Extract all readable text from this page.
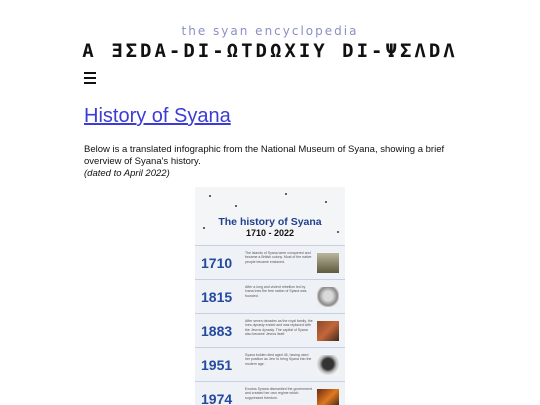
the syan encyclopedia
A ƎΣDA-DI-ΩΤDΩΧΙΥ DI-ΨΣΛDΛ
History of Syana
Below is a translated infographic from the National Museum of Syana, showing a brief overview of Syana's history.
(dated to April 2022)
The history of Syana
1710 - 2022
1710
The islands of Syana were conquered and became a British colony. Most of the native people became enslaved.
1815
After a long and violent rebellion led by Ivana Ines the free nation of Syana was founded.
1883
After seven decades as the royal family, the Ines dynasty ended and was replaced with the Jevros dynasty. The capital of Syana also became Jevros itself.
1951
Syana bolden died aged 46, having used her position as Jevr to bring Syana into the modern age.
1974
Exodus Syrana dismantled the government and created her own regime which suppressed freedom.
